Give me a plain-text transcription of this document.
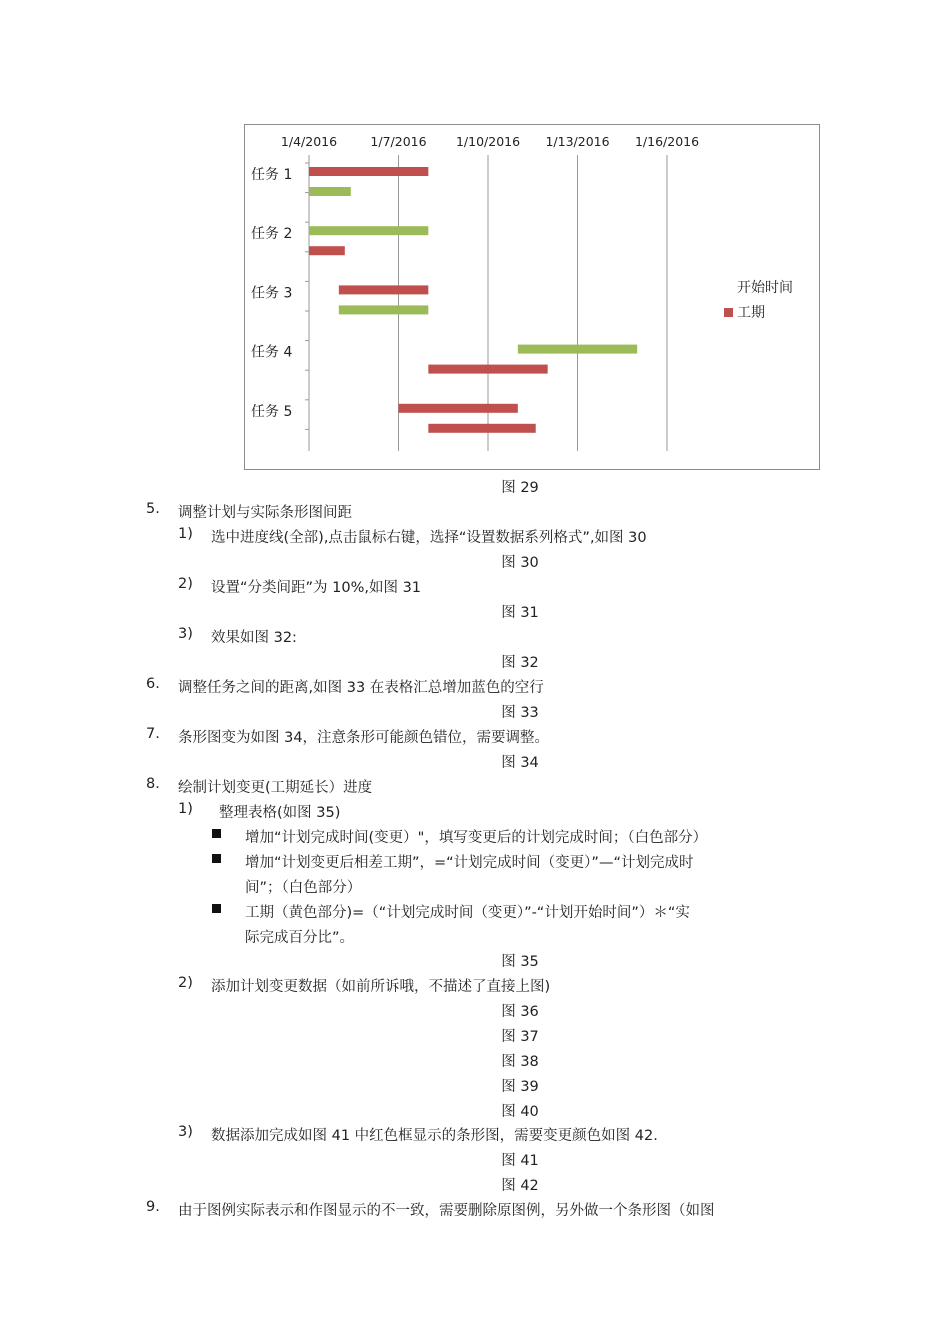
1/4/2016	1/7/2016 1/10/2016 1/13/2016 1/16/2016
任务 1
任务 2
任务 3
任务 4
任务 5
开始时间
工期
图 29
5. 调整计划与实际条形图间距
1) 选中进度线(全部),点击鼠标右键，选择“设置数据系列格式”,如图 30
图 30
2) 设置“分类间距”为 10%,如图 31
图 31
3) 效果如图 32:
图 32
6. 调整任务之间的距离,如图 33 在表格汇总增加蓝色的空行
图 33
7. 条形图变为如图 34，注意条形可能颜色错位，需要调整。
图 34
8. 绘制计划变更(工期延长）进度
1) 整理表格(如图 35)
增加“计划完成时间(变更）"，填写变更后的计划完成时间；（白色部分）
增加“计划变更后相差工期”，=“计划完成时间（变更）”—“计划完成时
间”；（白色部分）
工期（黄色部分)=（“计划完成时间（变更）”-“计划开始时间”）＊“实
际完成百分比”。
图 35
2) 添加计划变更数据（如前所诉哦，不描述了直接上图)
图 36
图 37
图 38
图 39
图 40
3) 数据添加完成如图 41 中红色框显示的条形图，需要变更颜色如图 42.
图 41
图 42
9. 由于图例实际表示和作图显示的不一致，需要删除原图例，另外做一个条形图（如图
